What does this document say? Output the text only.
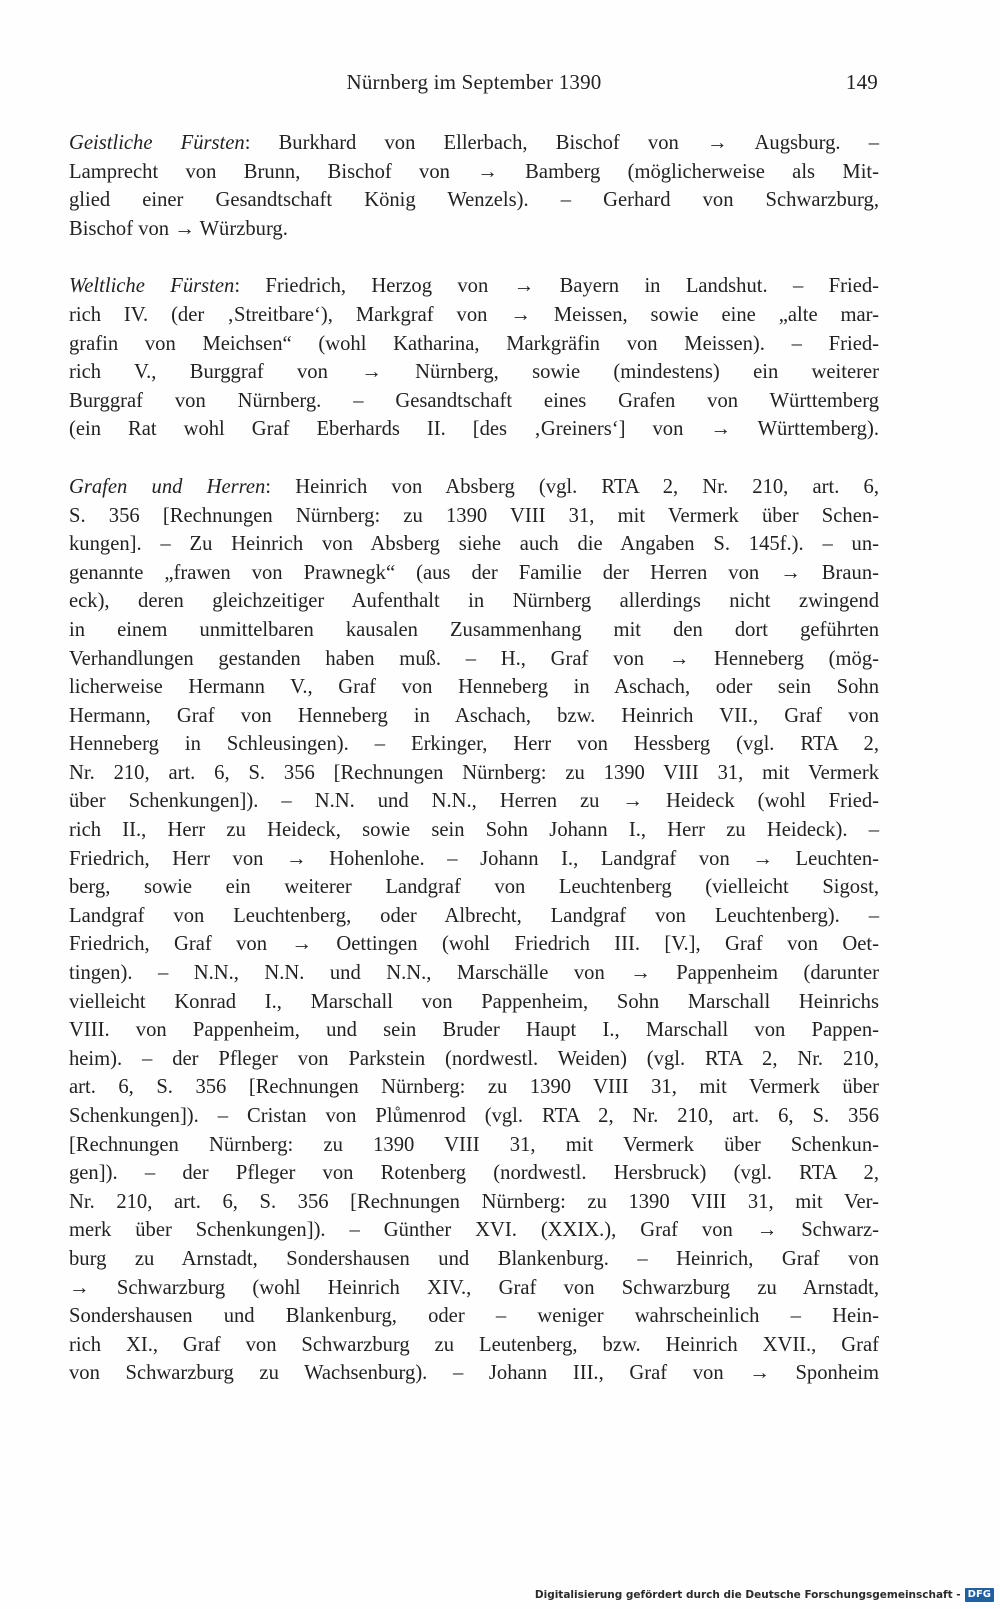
Nürnberg im September 1390	149
Geistliche Fürsten: Burkhard von Ellerbach, Bischof von → Augsburg. –
Lamprecht von Brunn, Bischof von → Bamberg (möglicherweise als Mit-
glied einer Gesandtschaft König Wenzels). – Gerhard von Schwarzburg,
Bischof von → Würzburg.
Weltliche Fürsten: Friedrich, Herzog von → Bayern in Landshut. – Fried-
rich IV. (der ‚Streitbare‘), Markgraf von → Meissen, sowie eine „alte mar-
grafin von Meichsen“ (wohl Katharina, Markgräfin von Meissen). – Fried-
rich V., Burggraf von → Nürnberg, sowie (mindestens) ein weiterer
Burggraf von Nürnberg. – Gesandtschaft eines Grafen von Württemberg
(ein Rat wohl Graf Eberhards II. [des ‚Greiners‘] von → Württemberg).
Grafen und Herren: Heinrich von Absberg (vgl. RTA 2, Nr. 210, art. 6,
S. 356 [Rechnungen Nürnberg: zu 1390 VIII 31, mit Vermerk über Schen-
kungen]. – Zu Heinrich von Absberg siehe auch die Angaben S. 145f.). – un-
genannte „frawen von Prawnegk“ (aus der Familie der Herren von → Braun-
eck), deren gleichzeitiger Aufenthalt in Nürnberg allerdings nicht zwingend
in einem unmittelbaren kausalen Zusammenhang mit den dort geführten
Verhandlungen gestanden haben muß. – H., Graf von → Henneberg (mög-
licherweise Hermann V., Graf von Henneberg in Aschach, oder sein Sohn
Hermann, Graf von Henneberg in Aschach, bzw. Heinrich VII., Graf von
Henneberg in Schleusingen). – Erkinger, Herr von Hessberg (vgl. RTA 2,
Nr. 210, art. 6, S. 356 [Rechnungen Nürnberg: zu 1390 VIII 31, mit Vermerk
über Schenkungen]). – N.N. und N.N., Herren zu → Heideck (wohl Fried-
rich II., Herr zu Heideck, sowie sein Sohn Johann I., Herr zu Heideck). –
Friedrich, Herr von → Hohenlohe. – Johann I., Landgraf von → Leuchten-
berg, sowie ein weiterer Landgraf von Leuchtenberg (vielleicht Sigost,
Landgraf von Leuchtenberg, oder Albrecht, Landgraf von Leuchtenberg). –
Friedrich, Graf von → Oettingen (wohl Friedrich III. [V.], Graf von Oet-
tingen). – N.N., N.N. und N.N., Marschälle von → Pappenheim (darunter
vielleicht Konrad I., Marschall von Pappenheim, Sohn Marschall Heinrichs
VIII. von Pappenheim, und sein Bruder Haupt I., Marschall von Pappen-
heim). – der Pfleger von Parkstein (nordwestl. Weiden) (vgl. RTA 2, Nr. 210,
art. 6, S. 356 [Rechnungen Nürnberg: zu 1390 VIII 31, mit Vermerk über
Schenkungen]). – Cristan von Plůmenrod (vgl. RTA 2, Nr. 210, art. 6, S. 356
[Rechnungen Nürnberg: zu 1390 VIII 31, mit Vermerk über Schenkun-
gen]). – der Pfleger von Rotenberg (nordwestl. Hersbruck) (vgl. RTA 2,
Nr. 210, art. 6, S. 356 [Rechnungen Nürnberg: zu 1390 VIII 31, mit Ver-
merk über Schenkungen]). – Günther XVI. (XXIX.), Graf von → Schwarz-
burg zu Arnstadt, Sondershausen und Blankenburg. – Heinrich, Graf von
→ Schwarzburg (wohl Heinrich XIV., Graf von Schwarzburg zu Arnstadt,
Sondershausen und Blankenburg, oder – weniger wahrscheinlich – Hein-
rich XI., Graf von Schwarzburg zu Leutenberg, bzw. Heinrich XVII., Graf
von Schwarzburg zu Wachsenburg). – Johann III., Graf von → Sponheim
Digitalisierung gefördert durch die Deutsche Forschungsgemeinschaft - DFG
